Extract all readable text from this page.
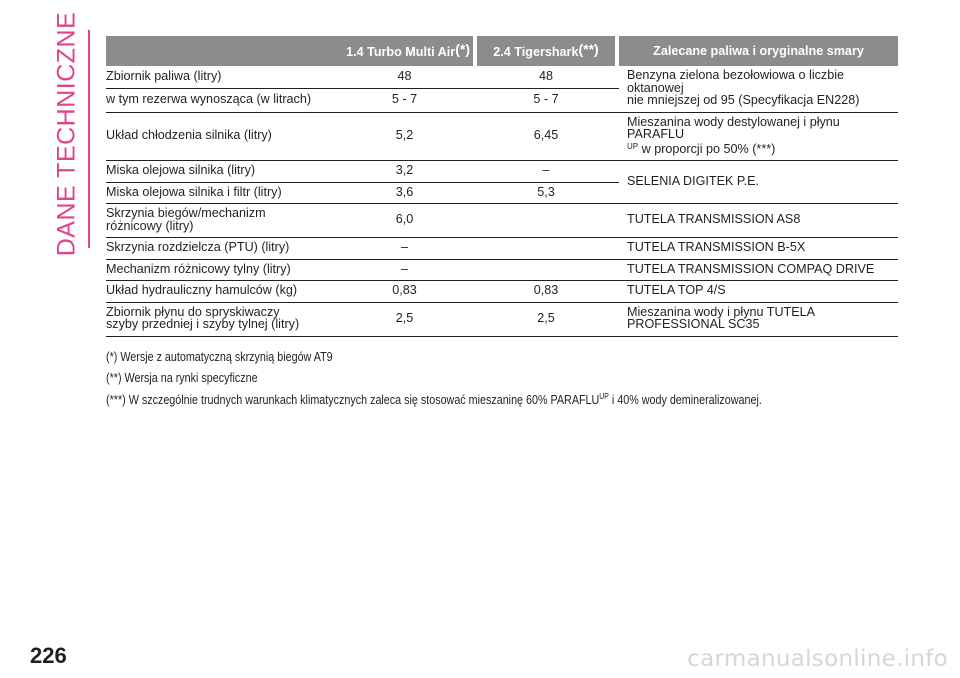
DANE TECHNICZNE
		1.4 Turbo Multi Air(*)		2.4 Tigershark(**)		Zalecane paliwa i oryginalne smary
Zbiornik paliwa (litry)	48		48		Benzyna zielona bezołowiowa o liczbie oktanowej
nie mniejszej od 95 (Specyfikacja EN228)
w tym rezerwa wynosząca (w litrach)	5 - 7		5 - 7		
Układ chłodzenia silnika (litry)	5,2		6,45		Mieszanina wody destylowanej i płynu PARAFLU
$^{UP}$ w proporcji po 50% (***)
Miska olejowa silnika (litry)	3,2		–		SELENIA DIGITEK P.E.
Miska olejowa silnika i filtr (litry)	3,6		5,3		
Skrzynia biegów/mechanizm
różnicowy (litry)	6,0				TUTELA TRANSMISSION AS8
Skrzynia rozdzielcza (PTU) (litry)	–				TUTELA TRANSMISSION B-5X
Mechanizm różnicowy tylny (litry)	–				TUTELA TRANSMISSION COMPAQ DRIVE
Układ hydrauliczny hamulców (kg)	0,83		0,83		TUTELA TOP 4/S
Zbiornik płynu do spryskiwaczy
szyby przedniej i szyby tylnej (litry)	2,5		2,5		Mieszanina wody i płynu TUTELA
PROFESSIONAL SC35
(*) Wersje z automatyczną skrzynią biegów AT9
(**) Wersja na rynki specyficzne
(***) W szczególnie trudnych warunkach klimatycznych zaleca się stosować mieszaninę 60% $PARAFLU^{UP}$ i 40% wody demineralizowanej.
226	carmanualsonline.info
